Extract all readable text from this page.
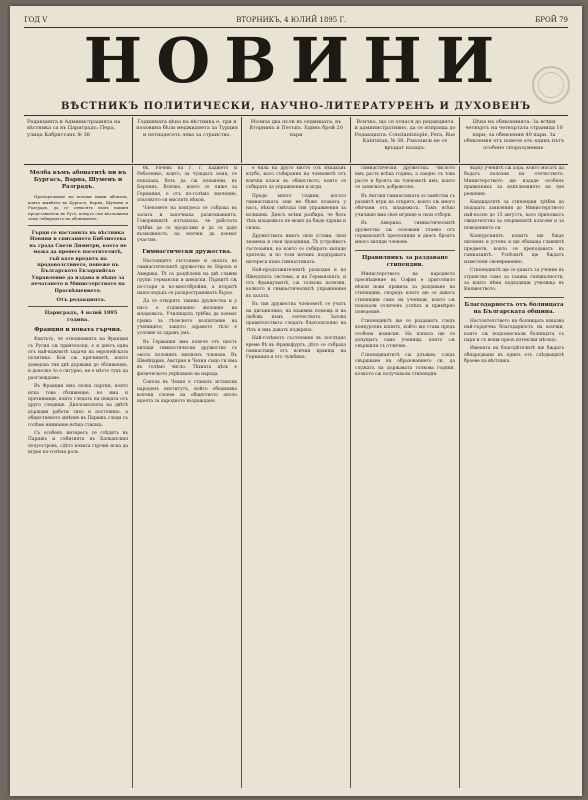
ГОД V	ВТОРНИКЪ, 4 ЮЛИЙ 1895 Г.	БРОЙ 79
НОВИНИ
ВѢСТНИКЪ ПОЛИТИЧЕСКИ, НАУЧНО-ЛИТЕРАТУРЕНЪ И ДУХОВЕНЪ
Редакцията и Администрацията на вѣстника са въ Цариградъ: Пера, улица Кабристанъ № 38
Годишната цѣна на вѣстника е: три и половина бѣли меджидиета за Турция и петнадесеть лева за странство.
Излиза два пъти въ седмицата, въ Вторникъ и Петъкъ. Единъ брой 20 пари
Всичко, що се отнася до редакцията и административно, да се изпраща до Редакцията: Constantinople, Pera, Rue Kabristan, № 38. Ръкописи не се връщат назадъ.
Цѣна на обявленията: За всѣки четвъртъ на четвъртата страница 10 пари; за обявления 40 пари. За обявления отъ повече отъ единъ пътъ особено споразумение.

Молба къмъ абонатитѣ ни въ Бургасъ, Варна, Шуменъ и Разградъ.

Препоръчваме на всички наши абонати, които живѣятъ въ Бургасъ, Варна, Шуменъ и Разградъ, да се отнасятъ къмъ нашия представитель въ Русе, комуто сме възложили тамъ събирането на абонамента.

Гърци се настанила въ вѣстника Новини и списанието Библиотека въ града Свети Димитри, което не можа да пренесе посетителитѣ, тъй като вредятъ на продоволствието, понеже въ Българското Екзархийско Управление да издава и нѣщо за печатането в Министерството на Просвѣщението.

Отъ редакцията.

Цариградъ, 4 юлий 1895 година.

Франция и новата гърчия.

Фактътъ, че отношенията на Франция съ Русия сѫ приятелски, е и днесъ една отъ най-важнитѣ задачи на европейската политика. Кои сѫ причинитѣ, които доведоха тия двѣ държави до сближение, и доколко то е сигурно, не е мѣсто тукъ да разглеждаме.

Въ Франция има силна партия, която иска това сближение, но има и противници, които гледатъ на нещата отъ друго гледище. Дипломатията на двѣтѣ държави работи тихо и постоянно, а общественото мнѣние въ Парижъ следи съ голѣмо внимание всѣка стѫпка.

Съ особенъ интересъ се слѣдятъ въ Парижъ и събитията въ Балканския полуостровъ, гдѣто новата гърчия иска да играе по-голѣма роль.

бѣ. Рачевъ на г. г. Хаджето и Ребаченко, които, за чуждата земя, се показаха, безъ да сѫ поканени, въ Берлинъ. Всичко, което се пише за Германия, е отъ по-голѣмо значение, отколкото си мислятъ нѣкои.

Членовете на конгреса се събраха въ залата и започнаха разискванията. Говорившитѣ изтъкнаха, че работата трѣбва да се продължи и да се даде възможность на всички да вземат участие.

Гимнастически дружества.

Настоящето състояние и силата на гимнастическитѣ дружества въ Европа и Америка. Тѣ са раздѣлени на двѣ главни групи: германски и шведски. Първитѣ сѫ по-стари и по-многобройни, а вторитѣ напоследъкъ се разпространяватъ бързо.

Да се отворятъ такива дружества и у насъ е отдавнашно желание на младежьта. Училищата трѣбва да вземат грижа за тѣлесното възпитание на учениците, защото здравото тѣло е условие за здравъ умъ.

Въ Германия има повече отъ шесть хиляди гимнастически дружества съ около половинъ милионъ членове. Въ Швейцария, Австрия и Чехия също ги има въ голѣмо число. Тѣхната цѣль е физическото укрѣпване на народа.

Сокола въ Чехия е станалъ истински народенъ институтъ, който обединява всички слоеве на обществото около идеята за народното възраждане.

е била на друго място отъ нѣкакъвъ клубъ, като събирания на членоветѣ отъ всички класи въ обществото, които се събиратъ за упражнения и игри.

Преди много години, когато гимнастиката още не бѣше позната у насъ, нѣкои смѣтаха тия упражнения за излишни. Днесъ всѣки разбира, че безъ тѣхъ младежьта не може да бѫде здрава и силна.

Дружествата иматъ свои устави, свои знамена и свои праздници. Тѣ устройватъ състезания, на които се събиратъ хиляди зрители, и по този начинъ поддържатъ интереса къмъ гимнастиката.

Най-продължителнитѣ разходки и на Шведската система, и на Германската, и отъ Французкитѣ, сѫ толкова полезни, колкото и гимнастическитѣ упражнения въ залата.

Въ тия дружества членоветѣ се учатъ на дисциплина, на взаимна помощь и на любовь къмъ отечеството. Затова правителствата гледатъ благосклонно на тѣхъ и имъ даватъ подкрепа.

Най-голѣмото състезание въ послѣдно време бѣ въ Франкфуртъ, дѣто се събраха гимнастици отъ всички краища на Германия и отъ чужбина.

гимнастически дружества. Числото имъ расте всѣка година, а заедно съ това расте и броятъ на членоветѣ имъ, които се записватъ доброволно.

Въ Англия гимнастиката се замѣства съ разнитѣ игри на открито, които сѫ много обичани отъ младежьта. Тамъ всѣко училище има свое игрище и свои отбори.

Въ Америка гимнастическитѣ дружества сѫ основани главно отъ германскитѣ преселници и днесъ броятъ много хиляди членове.

Правилникъ за раздаване стипендии.

Министерството на народното просвѣщение въ София е приготвило нѣкои нови правила за раздаване на стипендии, споредъ които ще се даватъ стипендии само на ученици, които сѫ показали отличенъ успѣхъ и примѣрно поведение.

Стипендиитѣ ще се раздаватъ следъ конкурсенъ изпитъ, който ще става предъ особена комисия. На изпита ще се допущатъ само ученици, които сѫ свършили съ отличие.

Стипендиантитѣ сѫ длъжни, следъ свършване на образованието си, да служатъ на държавата толкова години, колкото сѫ получавали стипендия.

върху ученитѣ сѫ хора, които могатъ да бъдатъ полезни на отечеството. Министерството ще издаде особенъ правилникъ за изпълнението на тия решения.

Кандидатитѣ за стипендии трѣбва да подадатъ заявления до Министерството най-късно до 15 августъ, като приложатъ свидетелства за свършенитѣ класове и за поведението си.

Конкурсниятъ изпитъ ще бѫде писменъ и устенъ и ще обхваща главнитѣ предмети, които се преподаватъ въ гимназиитѣ. Успѣлитѣ ще бѫдатъ известени своевременно.

Стипендиитѣ ще се даватъ за учение въ странство само за такива специалности, за които нѣма подходящи училища въ Княжеството.

Благодарность отъ болницата на Българската община.

Настоятелството на болницата изказва най-сърдечна благодарность на всички, които сѫ подпомогнали болницата съ пари и съ вещи презъ изтеклия мѣсецъ.

Имената на благодѣтелитѣ ще бѫдатъ обнародвани въ единъ отъ слѣдващитѣ броеве на вѣстника.
